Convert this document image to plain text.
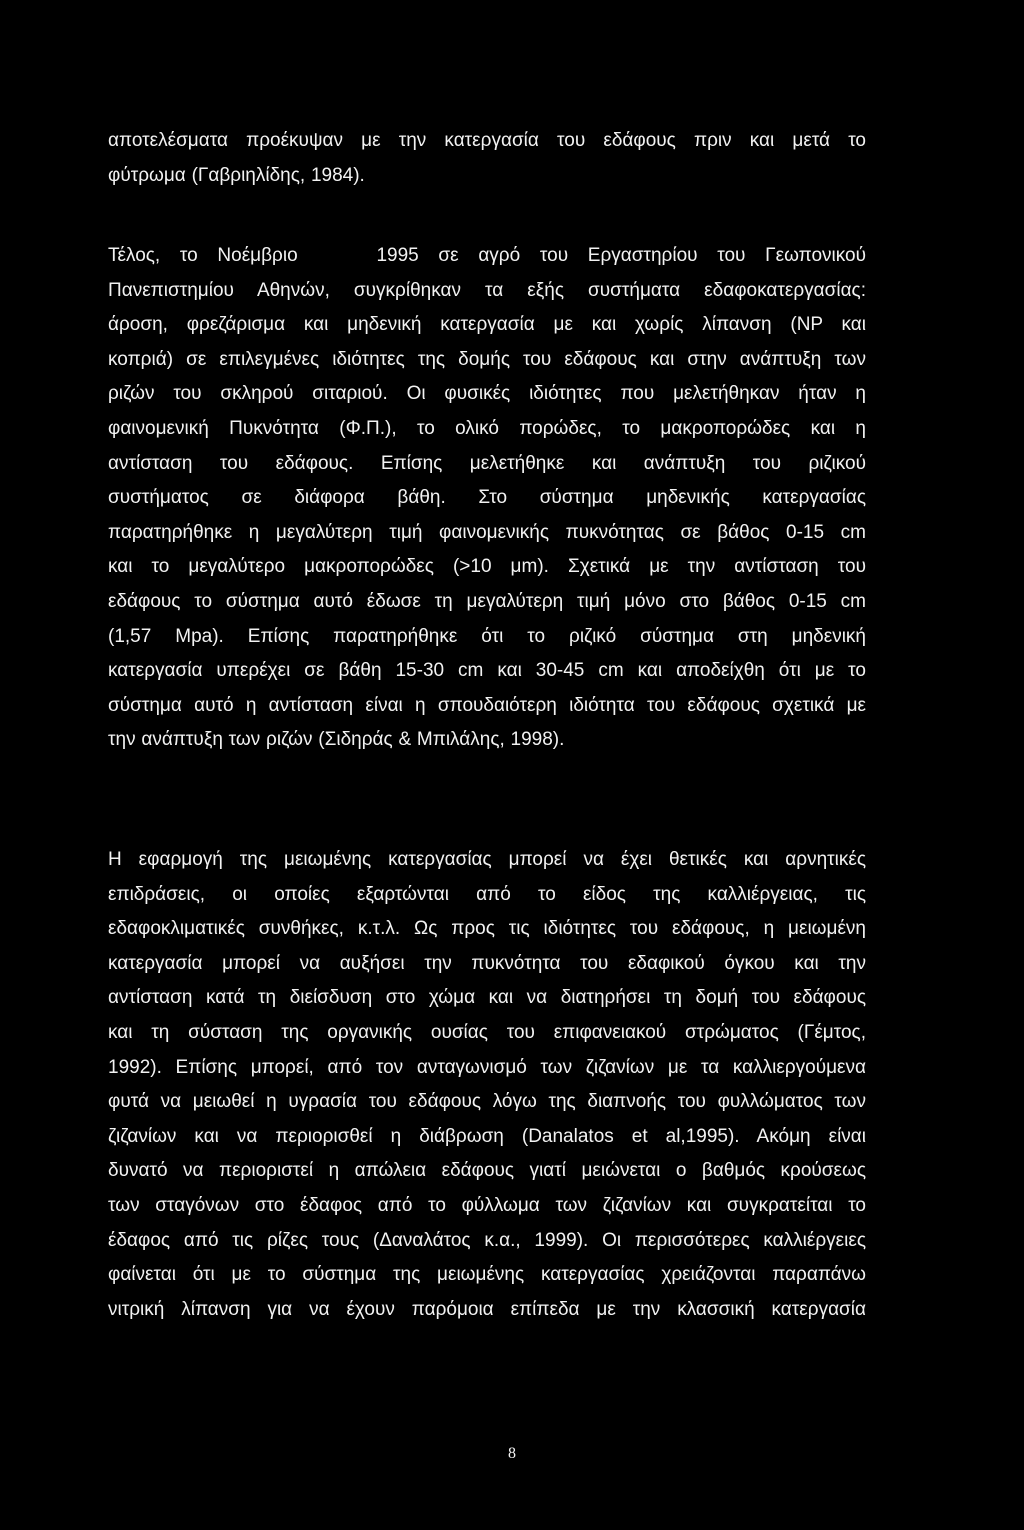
αποτελέσματα προέκυψαν με την κατεργασία του εδάφους πριν και μετά το
φύτρωμα (Γαβριηλίδης, 1984).
Τέλος, το Νοέμβριο    1995 σε αγρό του Εργαστηρίου του Γεωπονικού
Πανεπιστημίου Αθηνών, συγκρίθηκαν τα εξής συστήματα εδαφοκατεργασίας:
άροση, φρεζάρισμα και μηδενική κατεργασία με και χωρίς λίπανση (NP και
κοπριά) σε επιλεγμένες ιδιότητες της δομής του εδάφους και στην ανάπτυξη των
ριζών του σκληρού σιταριού. Οι φυσικές ιδιότητες που μελετήθηκαν ήταν η
φαινομενική Πυκνότητα (Φ.Π.), το ολικό πορώδες, το μακροπορώδες και η
αντίσταση του εδάφους. Επίσης μελετήθηκε και ανάπτυξη του ριζικού
συστήματος σε διάφορα βάθη. Στο σύστημα μηδενικής κατεργασίας
παρατηρήθηκε η μεγαλύτερη τιμή φαινομενικής πυκνότητας σε βάθος 0-15 cm
και το μεγαλύτερο μακροπορώδες (>10 μm). Σχετικά με την αντίσταση του
εδάφους το σύστημα αυτό έδωσε τη μεγαλύτερη τιμή μόνο στο βάθος 0-15 cm
(1,57 Mpa). Επίσης παρατηρήθηκε ότι το ριζικό σύστημα στη μηδενική
κατεργασία υπερέχει σε βάθη 15-30 cm και 30-45 cm και αποδείχθη ότι με το
σύστημα αυτό η αντίσταση είναι η σπουδαιότερη ιδιότητα του εδάφους σχετικά με
την ανάπτυξη των ριζών (Σιδηράς & Μπιλάλης, 1998).
Η εφαρμογή της μειωμένης κατεργασίας μπορεί να έχει θετικές και αρνητικές
επιδράσεις, οι οποίες εξαρτώνται από το είδος της καλλιέργειας, τις
εδαφοκλιματικές συνθήκες, κ.τ.λ. Ως προς τις ιδιότητες του εδάφους, η μειωμένη
κατεργασία μπορεί να αυξήσει την πυκνότητα του εδαφικού όγκου και την
αντίσταση κατά τη διείσδυση στο χώμα και να διατηρήσει τη δομή του εδάφους
και τη σύσταση της οργανικής ουσίας του επιφανειακού στρώματος (Γέμτος,
1992). Επίσης μπορεί, από τον ανταγωνισμό των ζιζανίων με τα καλλιεργούμενα
φυτά να μειωθεί η υγρασία του εδάφους λόγω της διαπνοής του φυλλώματος των
ζιζανίων και να περιορισθεί η διάβρωση (Danalatos et al,1995). Ακόμη είναι
δυνατό να περιοριστεί η απώλεια εδάφους γιατί μειώνεται ο βαθμός κρούσεως
των σταγόνων στο έδαφος από το φύλλωμα των ζιζανίων και συγκρατείται το
έδαφος από τις ρίζες τους (Δαναλάτος κ.α., 1999). Οι περισσότερες καλλιέργειες
φαίνεται ότι με το σύστημα της μειωμένης κατεργασίας χρειάζονται παραπάνω
νιτρική λίπανση για να έχουν παρόμοια επίπεδα με την κλασσική κατεργασία
8
